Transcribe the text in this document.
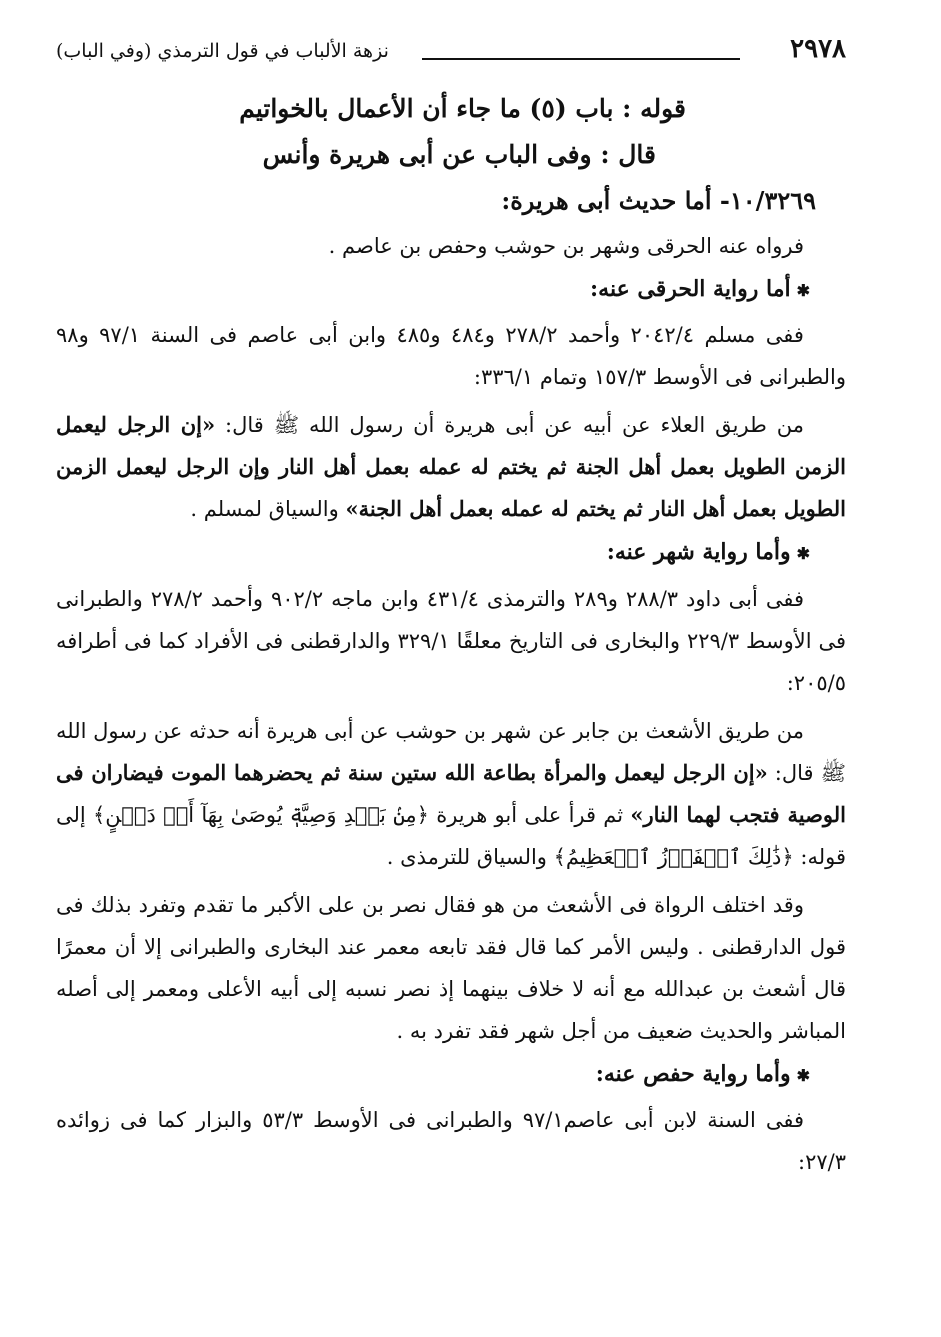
نزهة الألباب في قول الترمذي (وفي الباب)	٢٩٧٨
قوله : باب (٥) ما جاء أن الأعمال بالخواتيم
قال : وفى الباب عن أبى هريرة وأنس
١٠/٣٢٦٩- أما حديث أبى هريرة:

فرواه عنه الحرقى وشهر بن حوشب وحفص بن عاصم .

✱أما رواية الحرقى عنه:

ففى مسلم ٢٠٤٢/٤ وأحمد ٢٧٨/٢ و٤٨٤ و٤٨٥ وابن أبى عاصم فى السنة ٩٧/١ و٩٨ والطبرانى فى الأوسط ١٥٧/٣ وتمام ٣٣٦/١:

من طريق العلاء عن أبيه عن أبى هريرة أن رسول الله ﷺ قال: «إن الرجل ليعمل الزمن الطويل بعمل أهل الجنة ثم يختم له عمله بعمل أهل النار وإن الرجل ليعمل الزمن الطويل بعمل أهل النار ثم يختم له عمله بعمل أهل الجنة» والسياق لمسلم .

✱وأما رواية شهر عنه:

ففى أبى داود ٢٨٨/٣ و٢٨٩ والترمذى ٤٣١/٤ وابن ماجه ٩٠٢/٢ وأحمد ٢٧٨/٢ والطبرانى فى الأوسط ٢٢٩/٣ والبخارى فى التاريخ معلقًا ٣٢٩/١ والدارقطنى فى الأفراد كما فى أطرافه ٢٠٥/٥:

من طريق الأشعث بن جابر عن شهر بن حوشب عن أبى هريرة أنه حدثه عن رسول الله ﷺ قال: «إن الرجل ليعمل والمرأة بطاعة الله ستين سنة ثم يحضرهما الموت فيضاران فى الوصية فتجب لهما النار» ثم قرأ على أبو هريرة ﴿مِنۢ بَعۡدِ وَصِيَّةٖ يُوصَىٰ بِهَآ أَوۡ دَيۡنٍ﴾ إلى قوله: ﴿ذَٰلِكَ ٱلۡفَوۡزُ ٱلۡعَظِيمُ﴾ والسياق للترمذى .

وقد اختلف الرواة فى الأشعث من هو فقال نصر بن على الأكبر ما تقدم وتفرد بذلك فى قول الدارقطنى . وليس الأمر كما قال فقد تابعه معمر عند البخارى والطبرانى إلا أن معمرًا قال أشعث بن عبدالله مع أنه لا خلاف بينهما إذ نصر نسبه إلى أبيه الأعلى ومعمر إلى أصله المباشر والحديث ضعيف من أجل شهر فقد تفرد به .

✱وأما رواية حفص عنه:

ففى السنة لابن أبى عاصم٩٧/١ والطبرانى فى الأوسط ٥٣/٣ والبزار كما فى زوائده ٢٧/٣:
